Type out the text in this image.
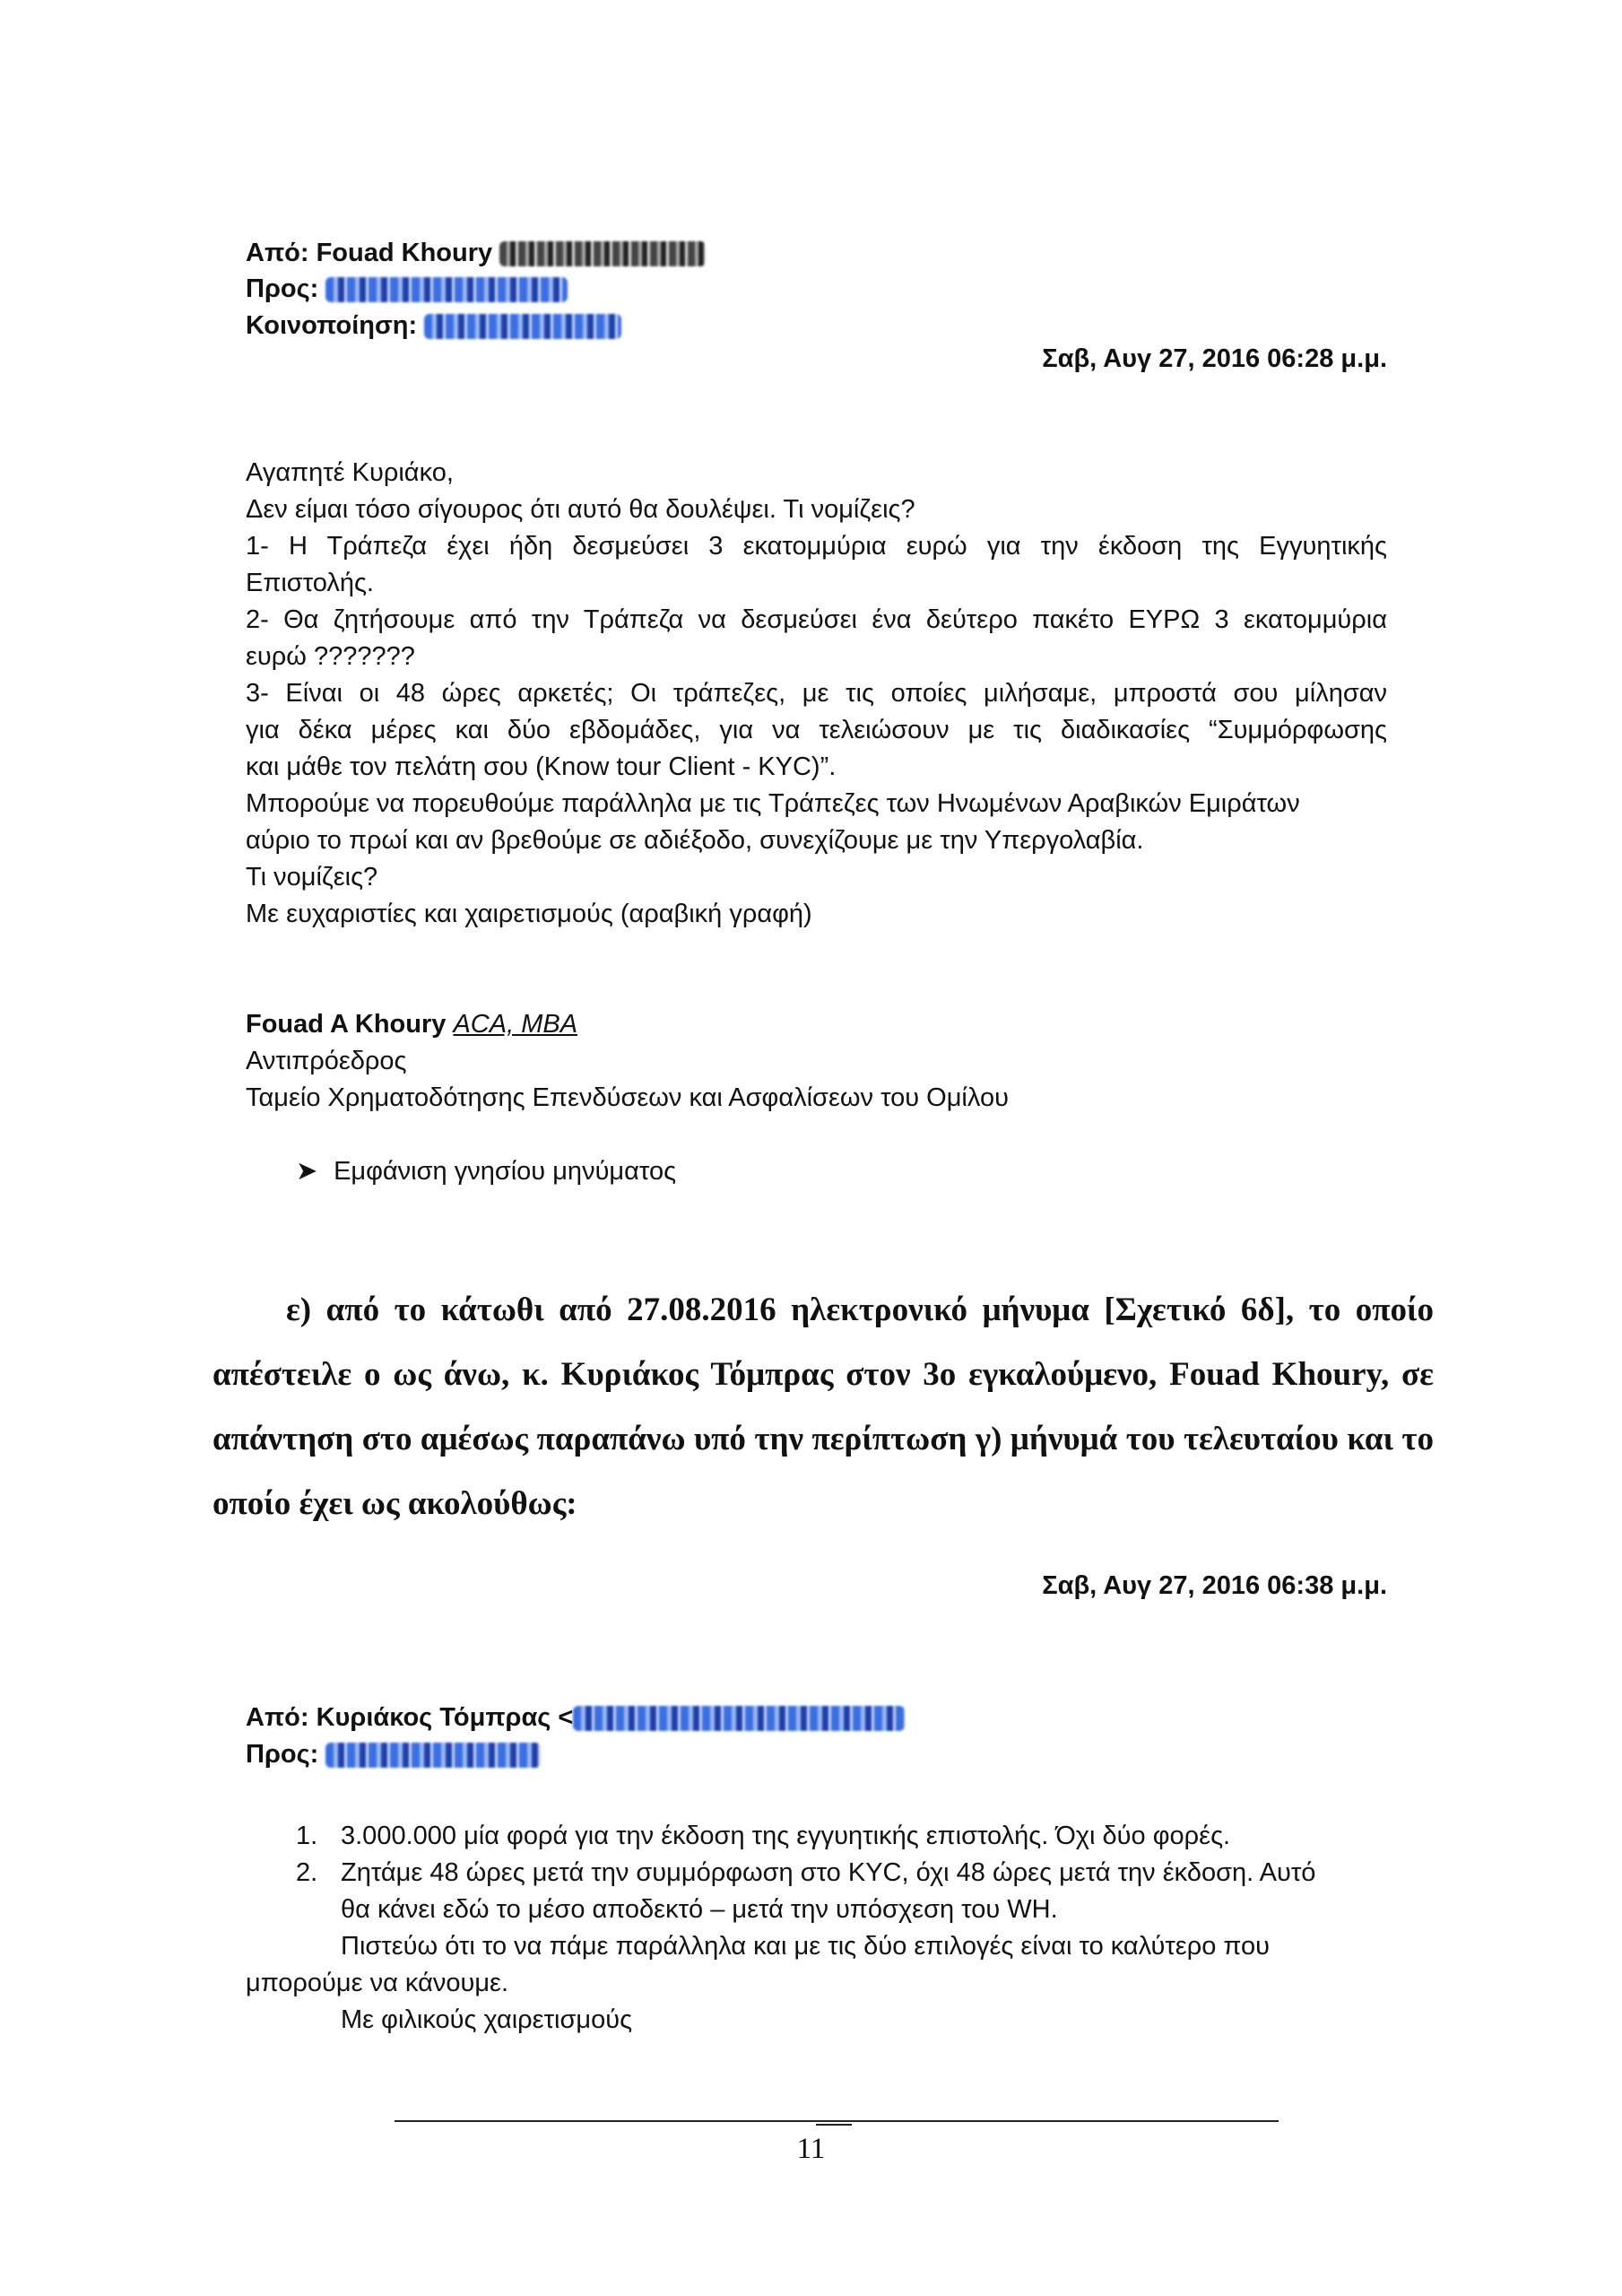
Από: Fouad Khoury
Προς:
Κοινοποίηση:
Σαβ, Αυγ 27, 2016 06:28 μ.μ.
Αγαπητέ Κυριάκο,
Δεν είμαι τόσο σίγουρος ότι αυτό θα δουλέψει. Τι νομίζεις?
1- Η Τράπεζα έχει ήδη δεσμεύσει 3 εκατομμύρια ευρώ για την έκδοση της Εγγυητικής
Επιστολής.
2- Θα ζητήσουμε από την Τράπεζα να δεσμεύσει ένα δεύτερο πακέτο ΕΥΡΩ 3 εκατομμύρια
ευρώ ???????
3- Είναι οι 48 ώρες αρκετές; Οι τράπεζες, με τις οποίες μιλήσαμε, μπροστά σου μίλησαν
για δέκα μέρες και δύο εβδομάδες, για να τελειώσουν με τις διαδικασίες “Συμμόρφωσης
και μάθε τον πελάτη σου (Know tour Client - KYC)”.
Μπορούμε να πορευθούμε παράλληλα με τις Τράπεζες των Ηνωμένων Αραβικών Εμιράτων
αύριο το πρωί και αν βρεθούμε σε αδιέξοδο, συνεχίζουμε με την Υπεργολαβία.
Τι νομίζεις?
Με ευχαριστίες και χαιρετισμούς (αραβική γραφή)
Fouad A Khoury ACA, MBA
Αντιπρόεδρος
Ταμείο Χρηματοδότησης Επενδύσεων και Ασφαλίσεων του Ομίλου
➤ Εμφάνιση γνησίου μηνύματος
ε) από το κάτωθι από 27.08.2016 ηλεκτρονικό μήνυμα [Σχετικό 6δ], το οποίο απέστειλε ο ως άνω, κ. Κυριάκος Τόμπρας στον 3ο εγκαλούμενο, Fouad Khoury, σε απάντηση στο αμέσως παραπάνω υπό την περίπτωση γ) μήνυμά του τελευταίου και το οποίο έχει ως ακολούθως:
Σαβ, Αυγ 27, 2016 06:38 μ.μ.
Από: Κυριάκος Τόμπρας <
Προς:
1. 3.000.000 μία φορά για την έκδοση της εγγυητικής επιστολής. Όχι δύο φορές.
2. Ζητάμε 48 ώρες μετά την συμμόρφωση στο KYC, όχι 48 ώρες μετά την έκδοση. Αυτό
θα κάνει εδώ το μέσο αποδεκτό – μετά την υπόσχεση του WH.
Πιστεύω ότι το να πάμε παράλληλα και με τις δύο επιλογές είναι το καλύτερο που
μπορούμε να κάνουμε.
Με φιλικούς χαιρετισμούς
11
